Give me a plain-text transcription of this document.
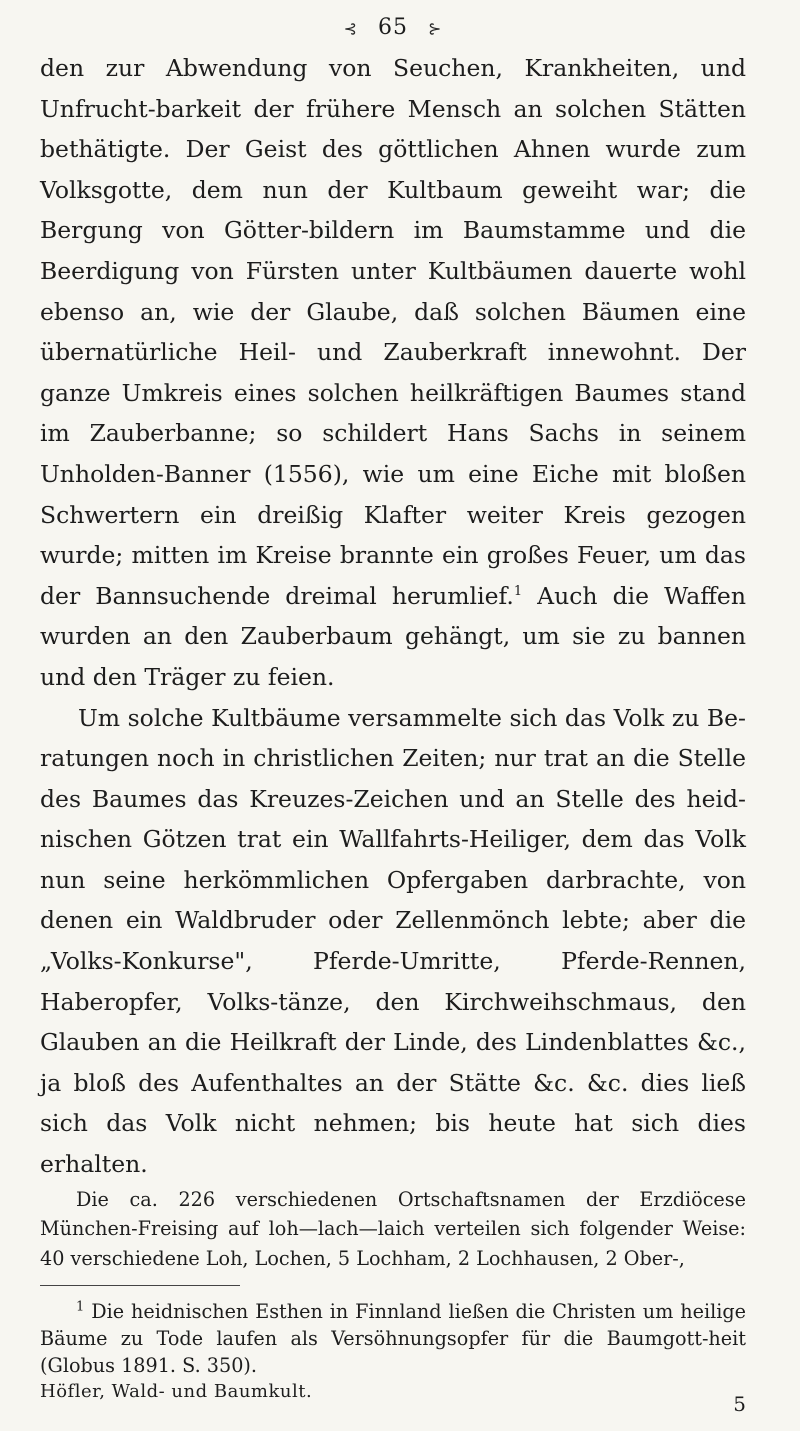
⊰ 65 ⊱

den zur Abwendung von Seuchen, Krankheiten, und Unfrucht-barkeit der frühere Mensch an solchen Stätten bethätigte. Der Geist des göttlichen Ahnen wurde zum Volksgotte, dem nun der Kultbaum geweiht war; die Bergung von Götter-bildern im Baumstamme und die Beerdigung von Fürsten unter Kultbäumen dauerte wohl ebenso an, wie der Glaube, daß solchen Bäumen eine übernatürliche Heil- und Zauberkraft innewohnt. Der ganze Umkreis eines solchen heilkräftigen Baumes stand im Zauberbanne; so schildert Hans Sachs in seinem Unholden-Banner (1556), wie um eine Eiche mit bloßen Schwertern ein dreißig Klafter weiter Kreis gezogen wurde; mitten im Kreise brannte ein großes Feuer, um das der Bannsuchende dreimal herumlief.$^1$ Auch die Waffen wurden an den Zauberbaum gehängt, um sie zu bannen und den Träger zu feien.

Um solche Kultbäume versammelte sich das Volk zu Be-ratungen noch in christlichen Zeiten; nur trat an die Stelle des Baumes das Kreuzes-Zeichen und an Stelle des heid-nischen Götzen trat ein Wallfahrts-Heiliger, dem das Volk nun seine herkömmlichen Opfergaben darbrachte, von denen ein Waldbruder oder Zellenmönch lebte; aber die „Volks-Konkurse", Pferde-Umritte, Pferde-Rennen, Haberopfer, Volks-tänze, den Kirchweihschmaus, den Glauben an die Heilkraft der Linde, des Lindenblattes &c., ja bloß des Aufenthaltes an der Stätte &c. &c. dies ließ sich das Volk nicht nehmen; bis heute hat sich dies erhalten.

Die ca. 226 verschiedenen Ortschaftsnamen der Erzdiöcese München-Freising auf loh—lach—laich verteilen sich folgender Weise: 40 verschiedene Loh, Lochen, 5 Lochham, 2 Lochhausen, 2 Ober-,

$^1$ Die heidnischen Esthen in Finnland ließen die Christen um heilige Bäume zu Tode laufen als Versöhnungsopfer für die Baumgott-heit (Globus 1891. S. 350).

Höfler, Wald- und Baumkult.
5
